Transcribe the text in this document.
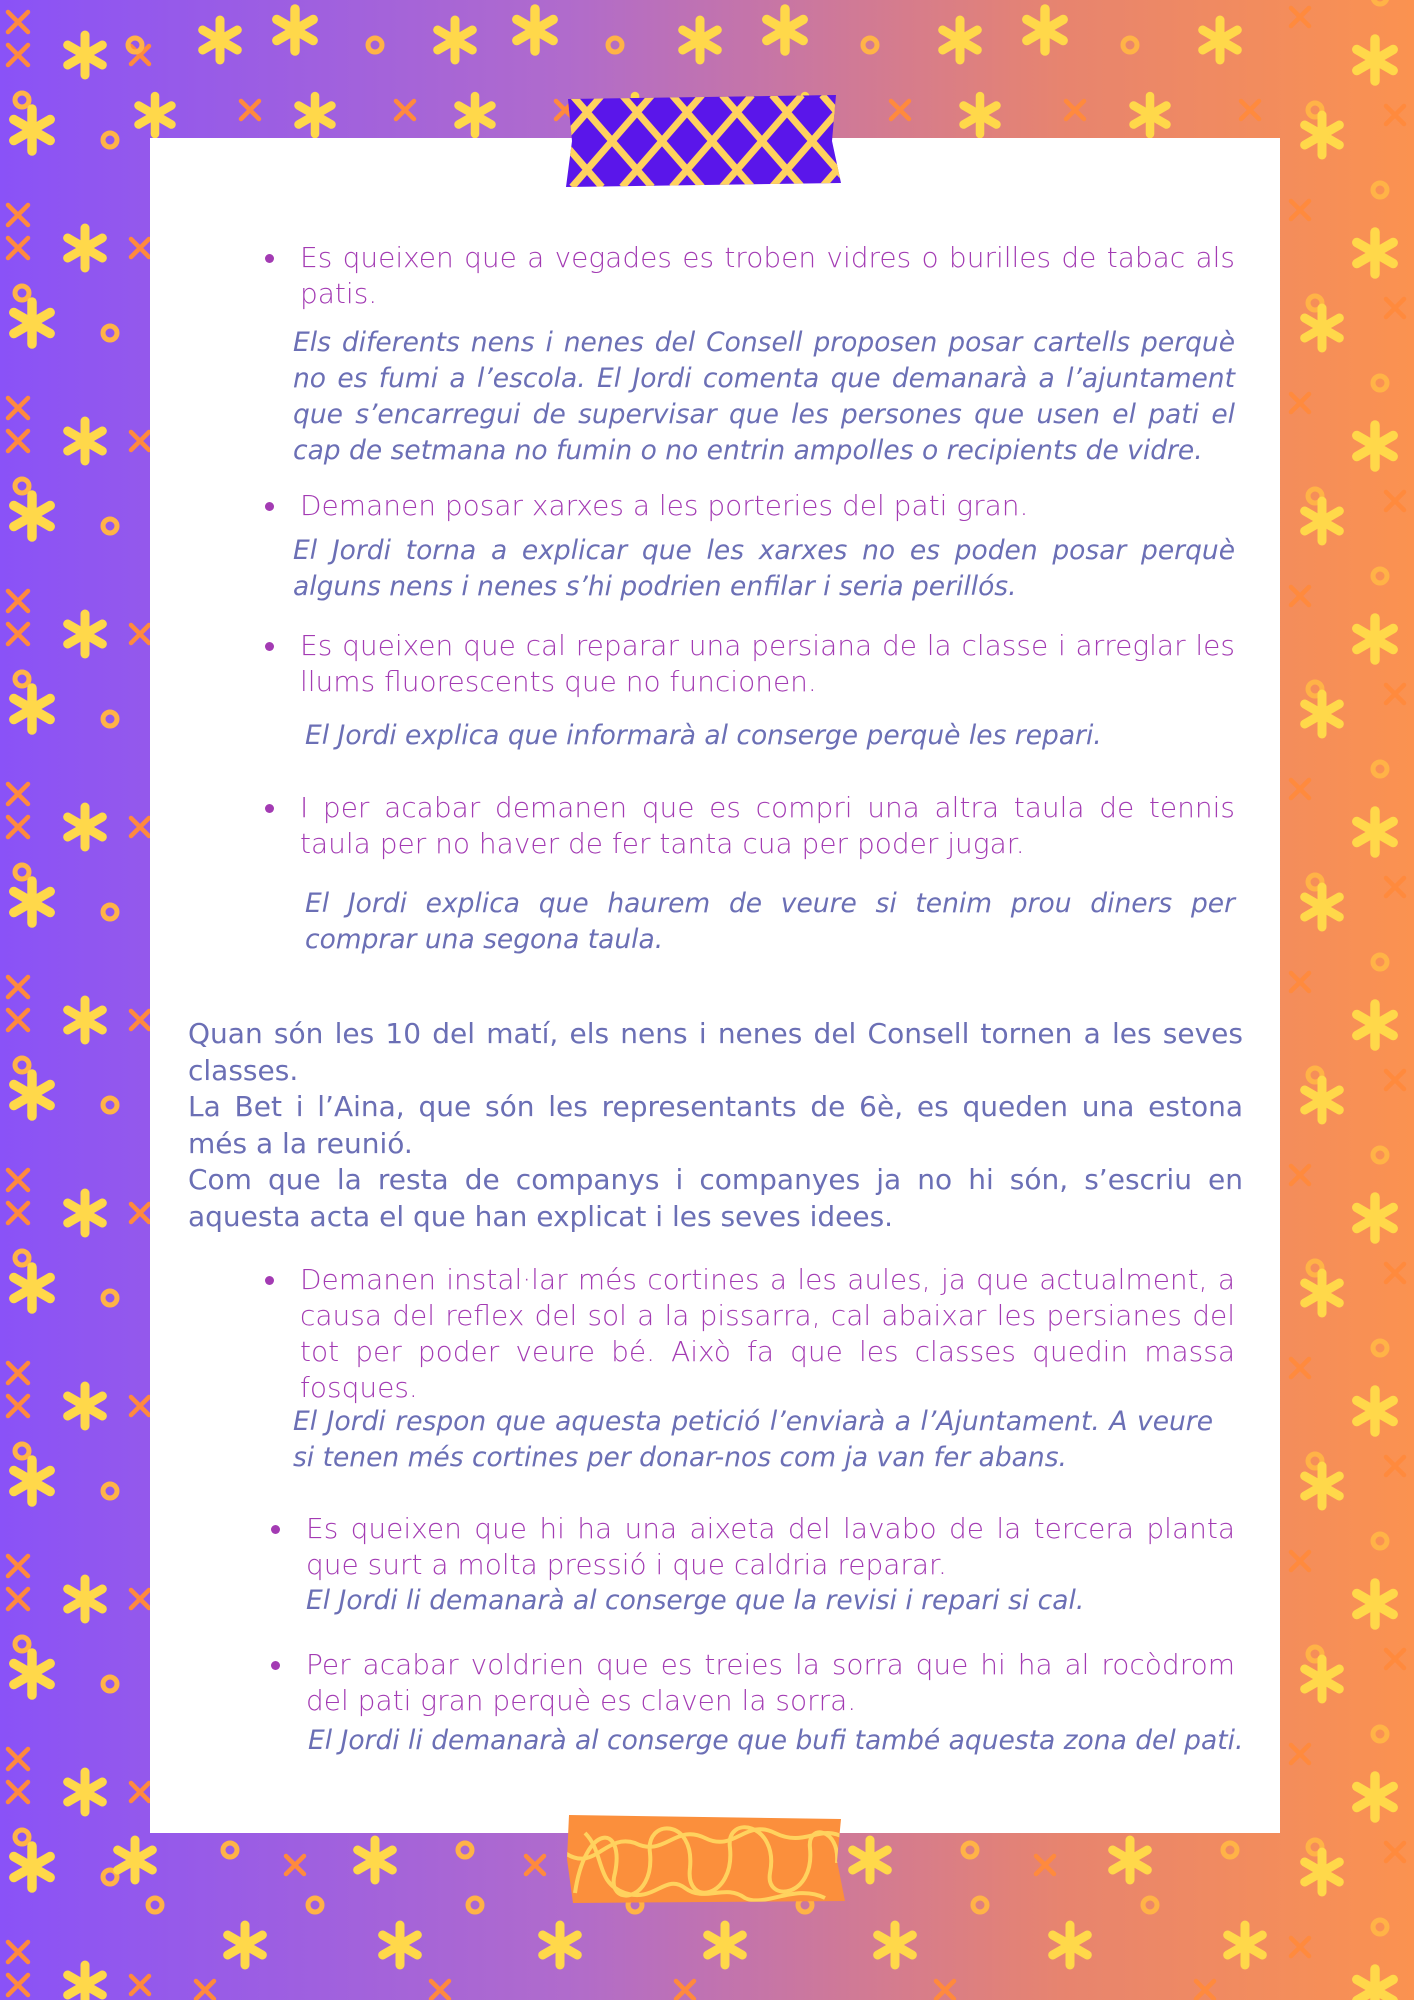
Es queixen que a vegades es troben vidres o burilles de tabac als patis.
Els diferents nens i nenes del Consell proposen posar cartells perquè no es fumi a l’escola. El Jordi comenta que demanarà a l’ajuntament que s’encarregui de supervisar que les persones que usen el pati el cap de setmana no fumin o no entrin ampolles o recipients de vidre.
Demanen posar xarxes a les porteries del pati gran.
El Jordi torna a explicar que les xarxes no es poden posar perquè alguns nens i nenes s’hi podrien enfilar i seria perillós.
Es queixen que cal reparar una persiana de la classe i arreglar les llums fluorescents que no funcionen.
El Jordi explica que informarà al conserge perquè les repari.
I per acabar demanen que es compri una altra taula de tennis taula per no haver de fer tanta cua per poder jugar.
El Jordi explica que haurem de veure si tenim prou diners per comprar una segona taula.
Quan són les 10 del matí, els nens i nenes del Consell tornen a les seves classes.
La Bet i l’Aina, que són les representants de 6è, es queden una estona més a la reunió.
Com que la resta de companys i companyes ja no hi són, s’escriu en aquesta acta el que han explicat i les seves idees.
Demanen instal·lar més cortines a les aules, ja que actualment, a causa del reflex del sol a la pissarra, cal abaixar les persianes del tot per poder veure bé. Això fa que les classes quedin massa fosques.
El Jordi respon que aquesta petició l’enviarà a l’Ajuntament. A veure si tenen més cortines per donar-nos com ja van fer abans.
Es queixen que hi ha una aixeta del lavabo de la tercera planta que surt a molta pressió i que caldria reparar.
El Jordi li demanarà al conserge que la revisi i repari si cal.
Per acabar voldrien que es treies la sorra que hi ha al rocòdrom del pati gran perquè es claven la sorra.
El Jordi li demanarà al conserge que bufi també aquesta zona del pati.
